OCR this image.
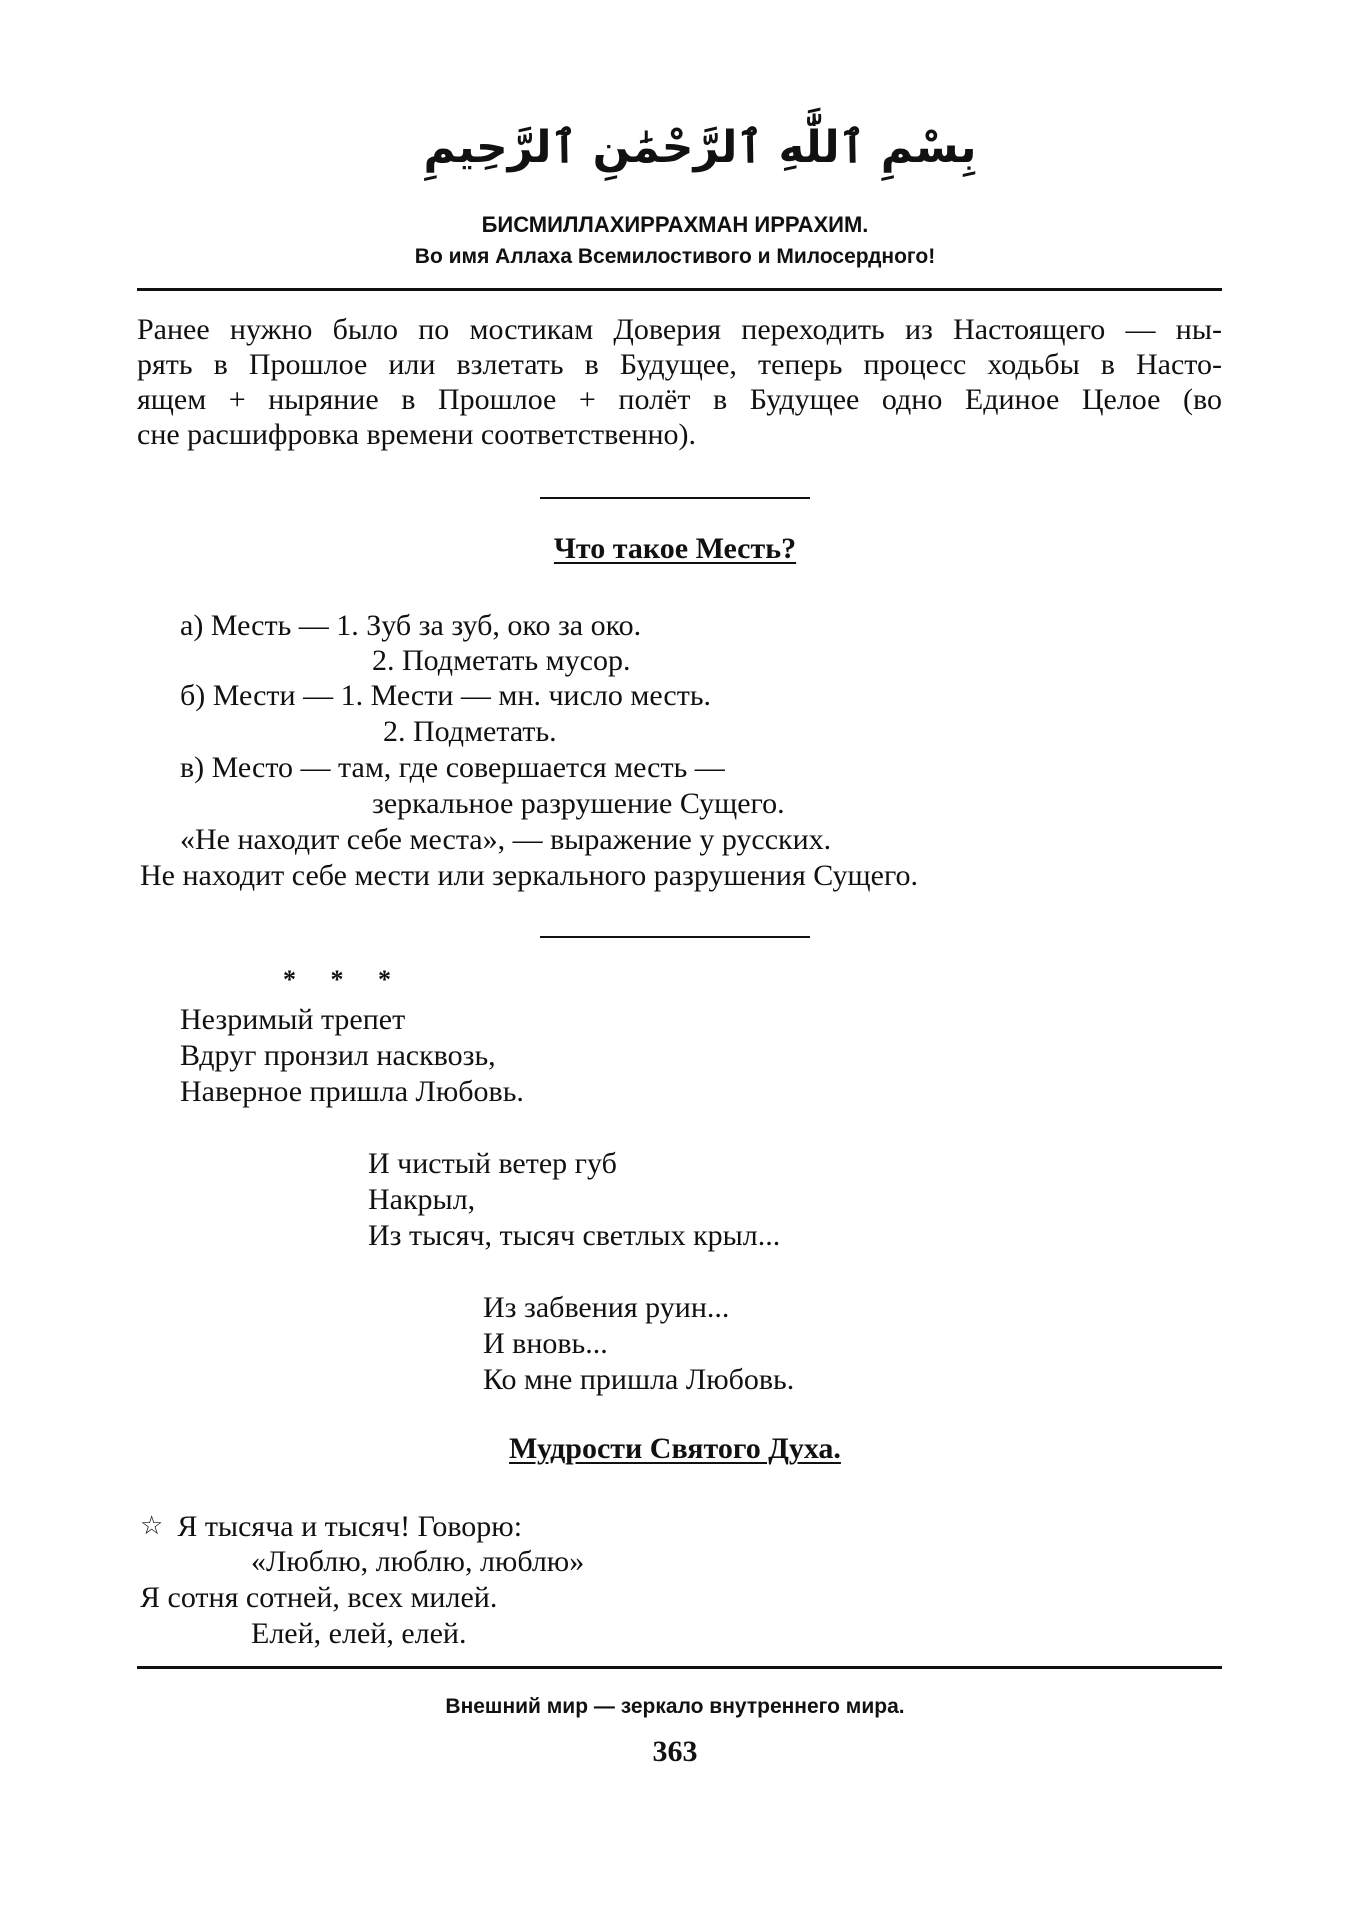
بِسْمِ ٱللَّٰهِ ٱلرَّحْمَٰنِ ٱلرَّحِيمِ
БИСМИЛЛАХИРРАХМАН ИРРАХИМ.
Во имя Аллаха Всемилостивого и Милосердного!
Ранее нужно было по мостикам Доверия переходить из Настоящего — ны-
рять в Прошлое или взлетать в Будущее, теперь процесс ходьбы в Насто-
ящем + ныряние в Прошлое + полёт в Будущее одно Единое Целое (во
сне расшифровка времени соответственно).
Что такое Месть?
а) Месть — 1. Зуб за зуб, око за око.
2. Подметать мусор.
б) Мести — 1. Мести — мн. число месть.
2. Подметать.
в) Место — там, где совершается месть —
зеркальное разрушение Сущего.
«Не находит себе места», — выражение у русских.
Не находит себе мести или зеркального разрушения Сущего.
* * *
Незримый трепет
Вдруг пронзил насквозь,
Наверное пришла Любовь.
И чистый ветер губ
Накрыл,
Из тысяч, тысяч светлых крыл...
Из забвения руин...
И вновь...
Ко мне пришла Любовь.
Мудрости Святого Духа.
☆ Я тысяча и тысяч! Говорю:
«Люблю, люблю, люблю»
Я сотня сотней, всех милей.
Елей, елей, елей.
Внешний мир — зеркало внутреннего мира.
363
